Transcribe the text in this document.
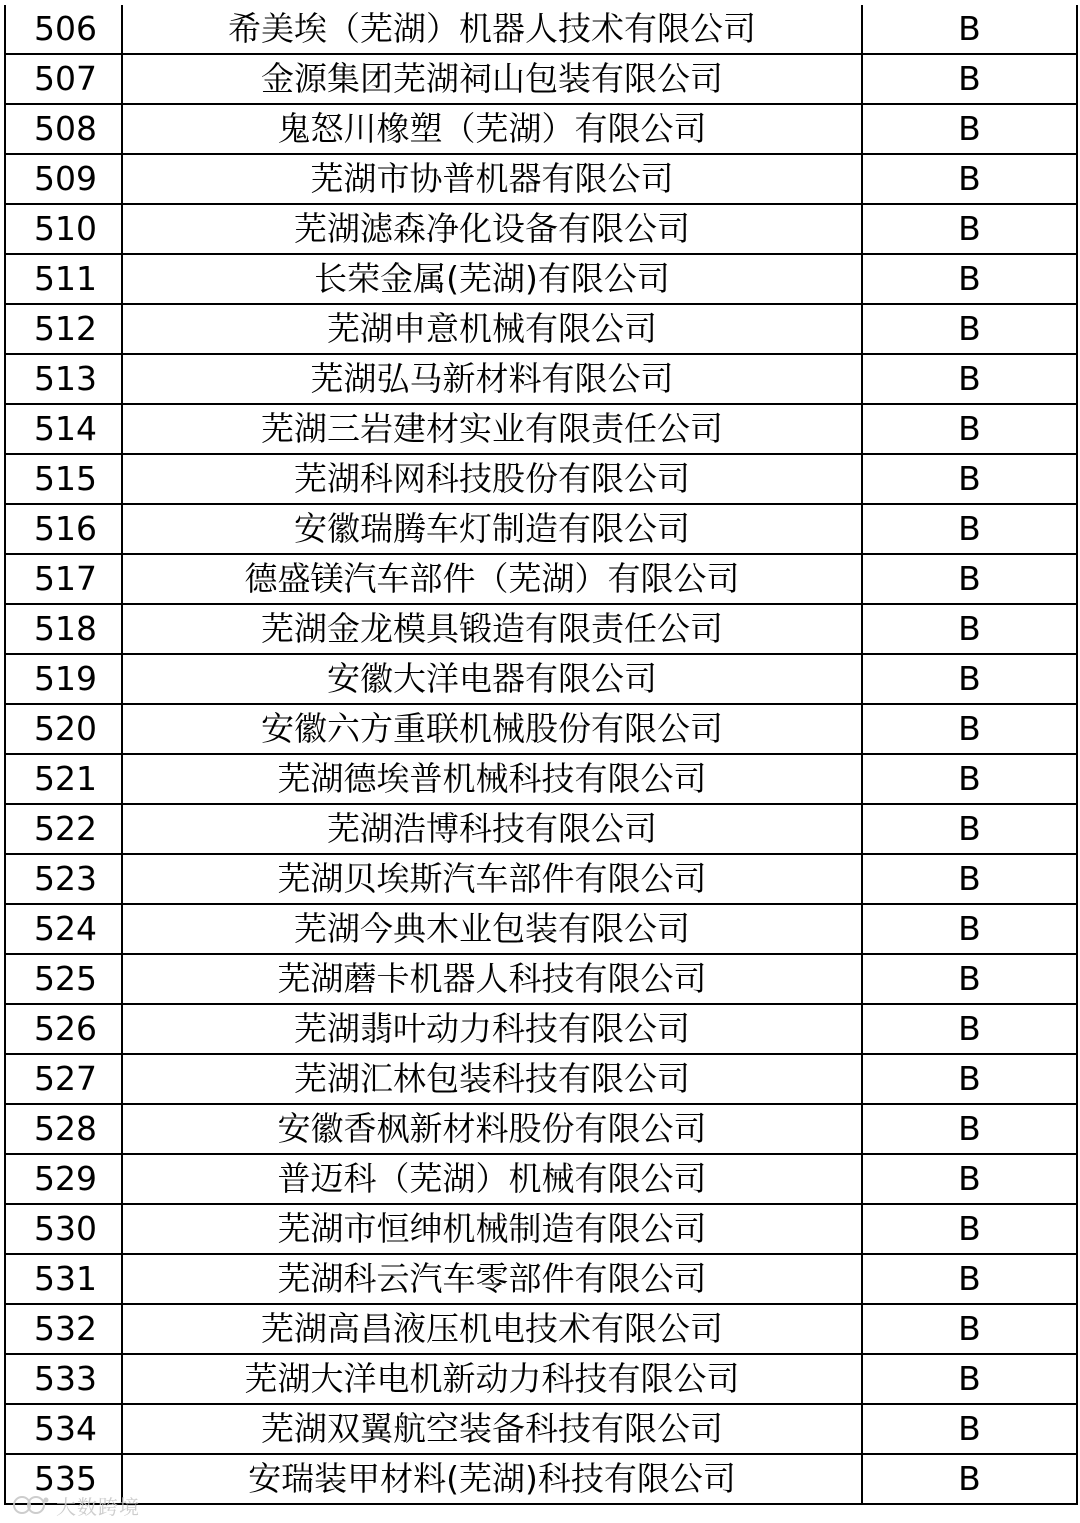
506	希美埃（芜湖）机器人技术有限公司	B
507	金源集团芜湖祠山包装有限公司	B
508	鬼怒川橡塑（芜湖）有限公司	B
509	芜湖市协普机器有限公司	B
510	芜湖滤森净化设备有限公司	B
511	长荣金属(芜湖)有限公司	B
512	芜湖申意机械有限公司	B
513	芜湖弘马新材料有限公司	B
514	芜湖三岩建材实业有限责任公司	B
515	芜湖科网科技股份有限公司	B
516	安徽瑞腾车灯制造有限公司	B
517	德盛镁汽车部件（芜湖）有限公司	B
518	芜湖金龙模具锻造有限责任公司	B
519	安徽大洋电器有限公司	B
520	安徽六方重联机械股份有限公司	B
521	芜湖德埃普机械科技有限公司	B
522	芜湖浩博科技有限公司	B
523	芜湖贝埃斯汽车部件有限公司	B
524	芜湖今典木业包装有限公司	B
525	芜湖蘑卡机器人科技有限公司	B
526	芜湖翡叶动力科技有限公司	B
527	芜湖汇林包装科技有限公司	B
528	安徽香枫新材料股份有限公司	B
529	普迈科（芜湖）机械有限公司	B
530	芜湖市恒绅机械制造有限公司	B
531	芜湖科云汽车零部件有限公司	B
532	芜湖高昌液压机电技术有限公司	B
533	芜湖大洋电机新动力科技有限公司	B
534	芜湖双翼航空装备科技有限公司	B
535	安瑞装甲材料(芜湖)科技有限公司	B
大数跨境
